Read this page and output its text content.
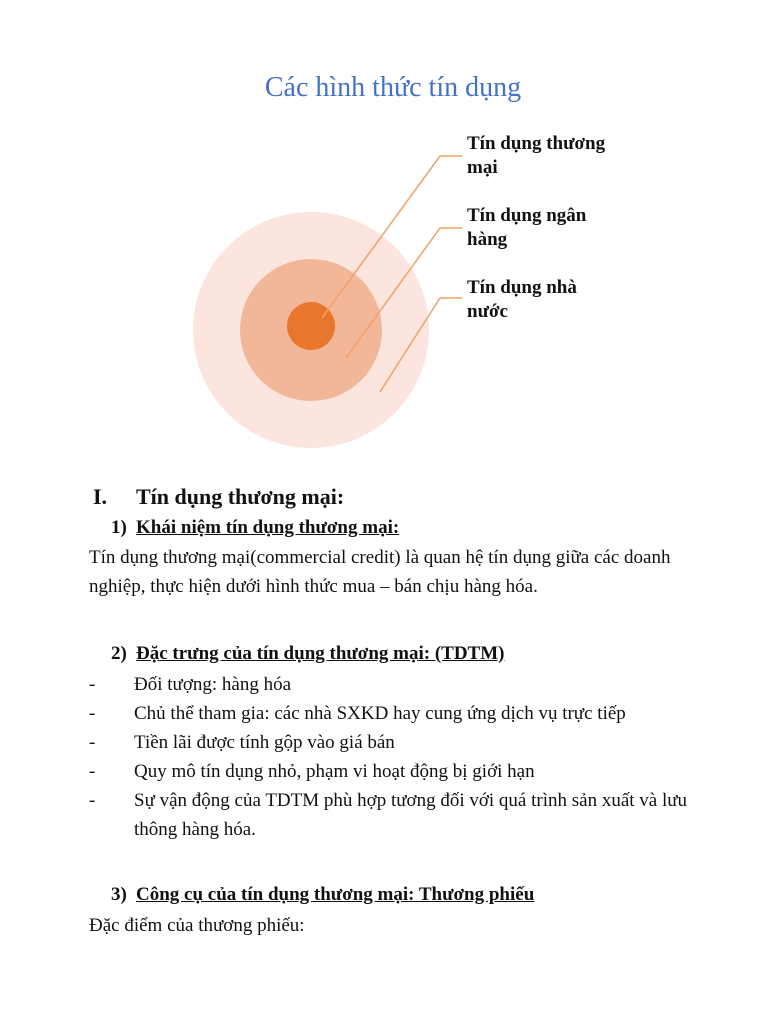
Các hình thức tín dụng
Tín dụng thương mại
Tín dụng ngân hàng
Tín dụng nhà nước
I. Tín dụng thương mại:
1) Khái niệm tín dụng thương mại:
Tín dụng thương mại(commercial credit) là quan hệ tín dụng giữa các doanh nghiệp, thực hiện dưới hình thức mua – bán chịu hàng hóa.
2) Đặc trưng của tín dụng thương mại: (TDTM)
- Đối tượng: hàng hóa
- Chủ thể tham gia: các nhà SXKD hay cung ứng dịch vụ trực tiếp
- Tiền lãi được tính gộp vào giá bán
- Quy mô tín dụng nhỏ, phạm vi hoạt động bị giới hạn
- Sự vận động của TDTM phù hợp tương đối với quá trình sản xuất và lưu thông hàng hóa.
3) Công cụ của tín dụng thương mại: Thương phiếu
Đặc điểm của thương phiếu:
